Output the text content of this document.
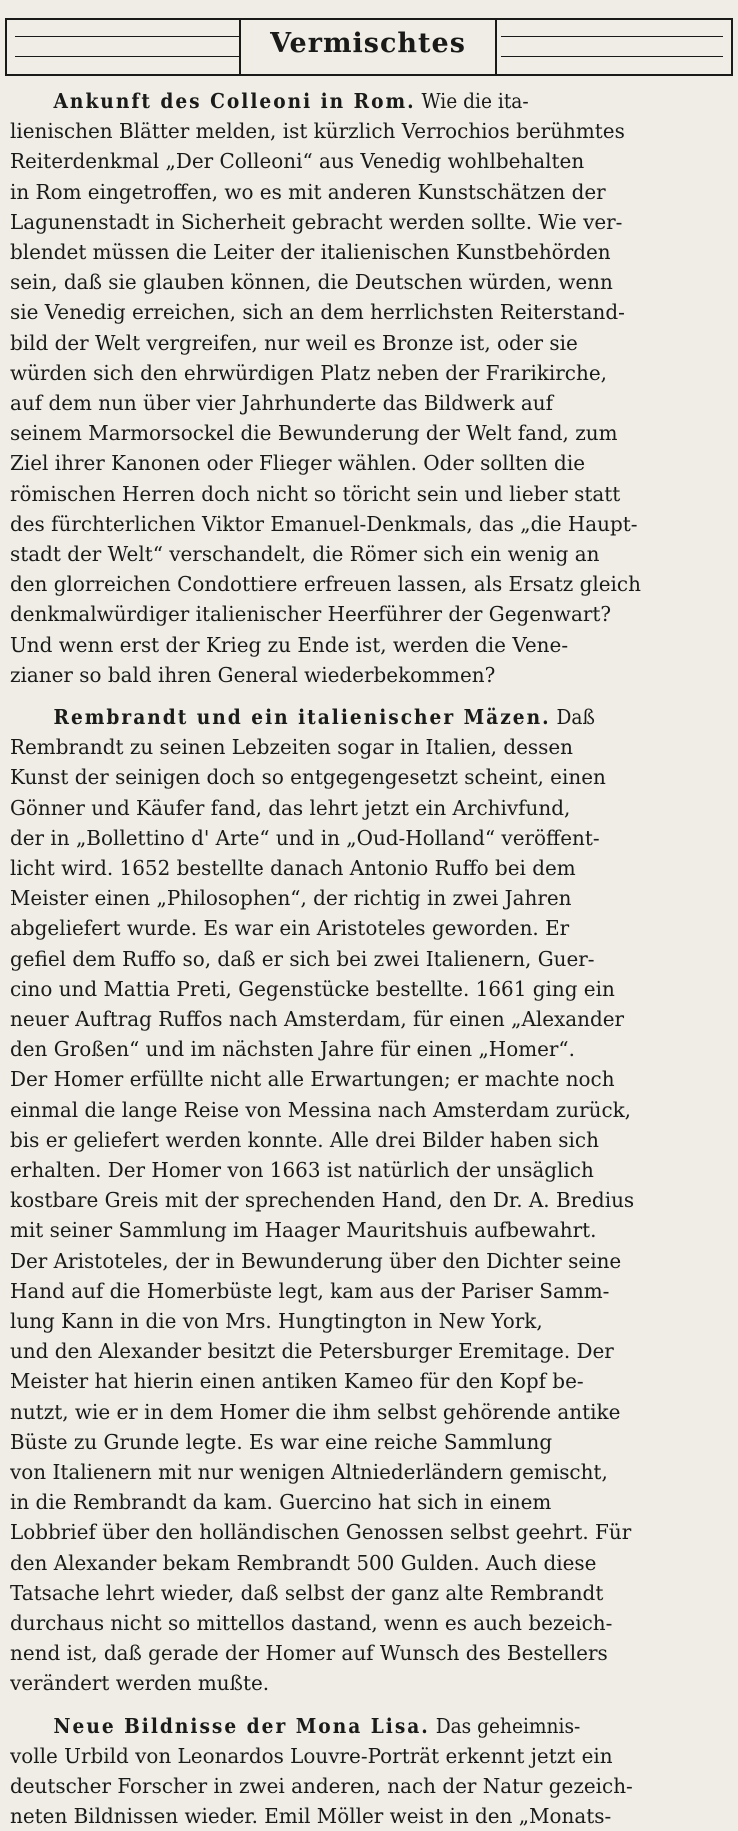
Vermischtes
Ankunft des Colleoni in Rom. Wie die ita-
lienischen Blätter melden, ist kürzlich Verrochios berühmtes
Reiterdenkmal „Der Colleoni“ aus Venedig wohlbehalten
in Rom eingetroffen, wo es mit anderen Kunstschätzen der
Lagunenstadt in Sicherheit gebracht werden sollte. Wie ver-
blendet müssen die Leiter der italienischen Kunstbehörden
sein, daß sie glauben können, die Deutschen würden, wenn
sie Venedig erreichen, sich an dem herrlichsten Reiterstand-
bild der Welt vergreifen, nur weil es Bronze ist, oder sie
würden sich den ehrwürdigen Platz neben der Frarikirche,
auf dem nun über vier Jahrhunderte das Bildwerk auf
seinem Marmorsockel die Bewunderung der Welt fand, zum
Ziel ihrer Kanonen oder Flieger wählen. Oder sollten die
römischen Herren doch nicht so töricht sein und lieber statt
des fürchterlichen Viktor Emanuel-Denkmals, das „die Haupt-
stadt der Welt“ verschandelt, die Römer sich ein wenig an
den glorreichen Condottiere erfreuen lassen, als Ersatz gleich
denkmalwürdiger italienischer Heerführer der Gegenwart?
Und wenn erst der Krieg zu Ende ist, werden die Vene-
zianer so bald ihren General wiederbekommen?
Rembrandt und ein italienischer Mäzen. Daß
Rembrandt zu seinen Lebzeiten sogar in Italien, dessen
Kunst der seinigen doch so entgegengesetzt scheint, einen
Gönner und Käufer fand, das lehrt jetzt ein Archivfund,
der in „Bollettino d' Arte“ und in „Oud-Holland“ veröffent-
licht wird. 1652 bestellte danach Antonio Ruffo bei dem
Meister einen „Philosophen“, der richtig in zwei Jahren
abgeliefert wurde. Es war ein Aristoteles geworden. Er
gefiel dem Ruffo so, daß er sich bei zwei Italienern, Guer-
cino und Mattia Preti, Gegenstücke bestellte. 1661 ging ein
neuer Auftrag Ruffos nach Amsterdam, für einen „Alexander
den Großen“ und im nächsten Jahre für einen „Homer“.
Der Homer erfüllte nicht alle Erwartungen; er machte noch
einmal die lange Reise von Messina nach Amsterdam zurück,
bis er geliefert werden konnte. Alle drei Bilder haben sich
erhalten. Der Homer von 1663 ist natürlich der unsäglich
kostbare Greis mit der sprechenden Hand, den Dr. A. Bredius
mit seiner Sammlung im Haager Mauritshuis aufbewahrt.
Der Aristoteles, der in Bewunderung über den Dichter seine
Hand auf die Homerbüste legt, kam aus der Pariser Samm-
lung Kann in die von Mrs. Hungtington in New York,
und den Alexander besitzt die Petersburger Eremitage. Der
Meister hat hierin einen antiken Kameo für den Kopf be-
nutzt, wie er in dem Homer die ihm selbst gehörende antike
Büste zu Grunde legte. Es war eine reiche Sammlung
von Italienern mit nur wenigen Altniederländern gemischt,
in die Rembrandt da kam. Guercino hat sich in einem
Lobbrief über den holländischen Genossen selbst geehrt. Für
den Alexander bekam Rembrandt 500 Gulden. Auch diese
Tatsache lehrt wieder, daß selbst der ganz alte Rembrandt
durchaus nicht so mittellos dastand, wenn es auch bezeich-
nend ist, daß gerade der Homer auf Wunsch des Bestellers
verändert werden mußte.
Neue Bildnisse der Mona Lisa. Das geheimnis-
volle Urbild von Leonardos Louvre-Porträt erkennt jetzt ein
deutscher Forscher in zwei anderen, nach der Natur gezeich-
neten Bildnissen wieder. Emil Möller weist in den „Monats-
